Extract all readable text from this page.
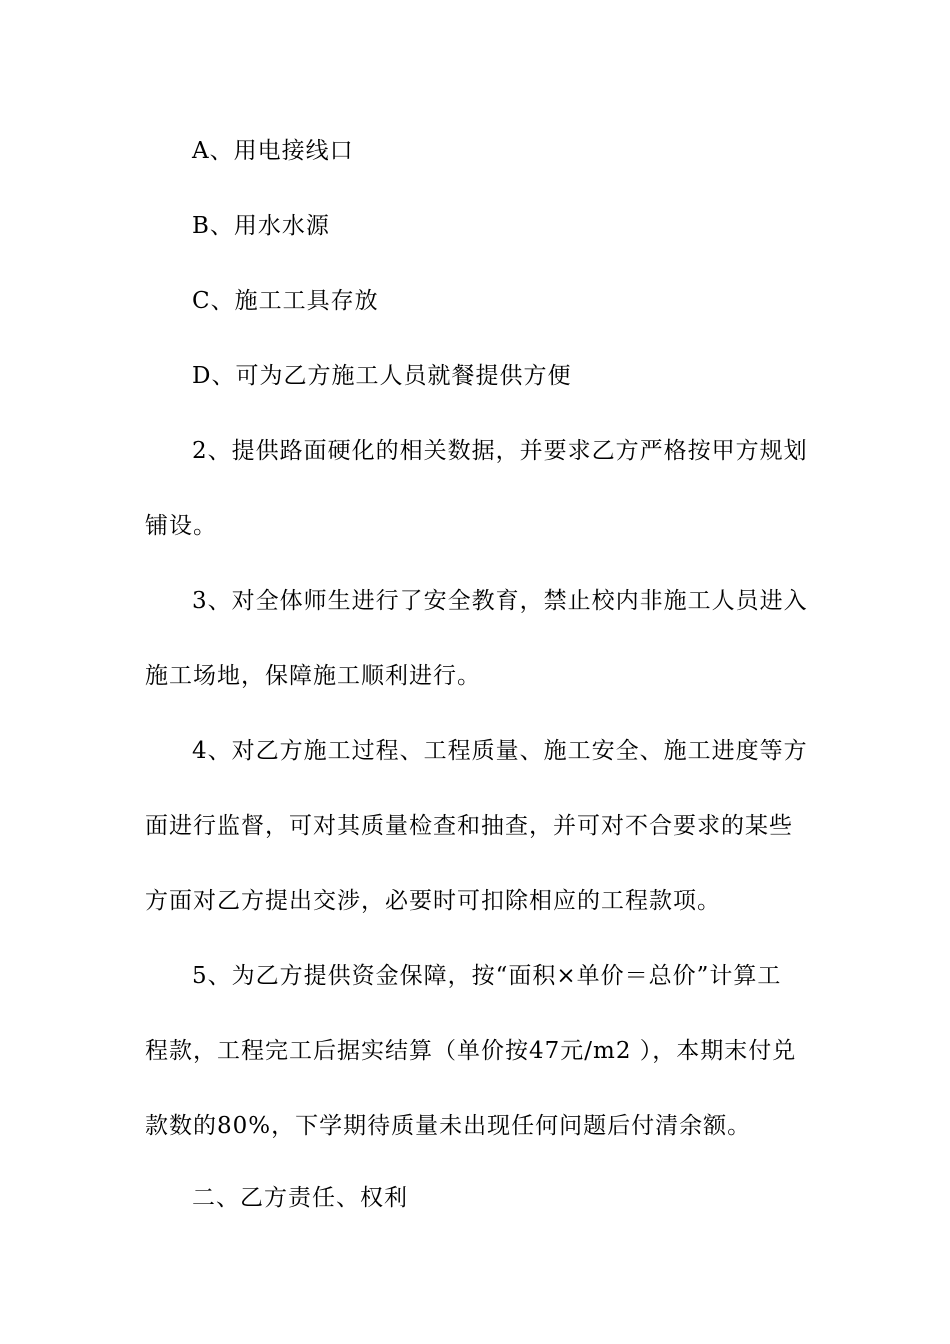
A、用电接线口
B、用水水源
C、施工工具存放
D、可为乙方施工人员就餐提供方便
2、提供路面硬化的相关数据，并要求乙方严格按甲方规划
铺设。
3、对全体师生进行了安全教育，禁止校内非施工人员进入
施工场地，保障施工顺利进行。
4、对乙方施工过程、工程质量、施工安全、施工进度等方
面进行监督，可对其质量检查和抽查，并可对不合要求的某些
方面对乙方提出交涉，必要时可扣除相应的工程款项。
5、为乙方提供资金保障，按“面积×单价＝总价”计算工
程款，工程完工后据实结算（单价按47元/m2 ），本期末付兑
款数的80%，下学期待质量未出现任何问题后付清余额。
二、乙方责任、权利
